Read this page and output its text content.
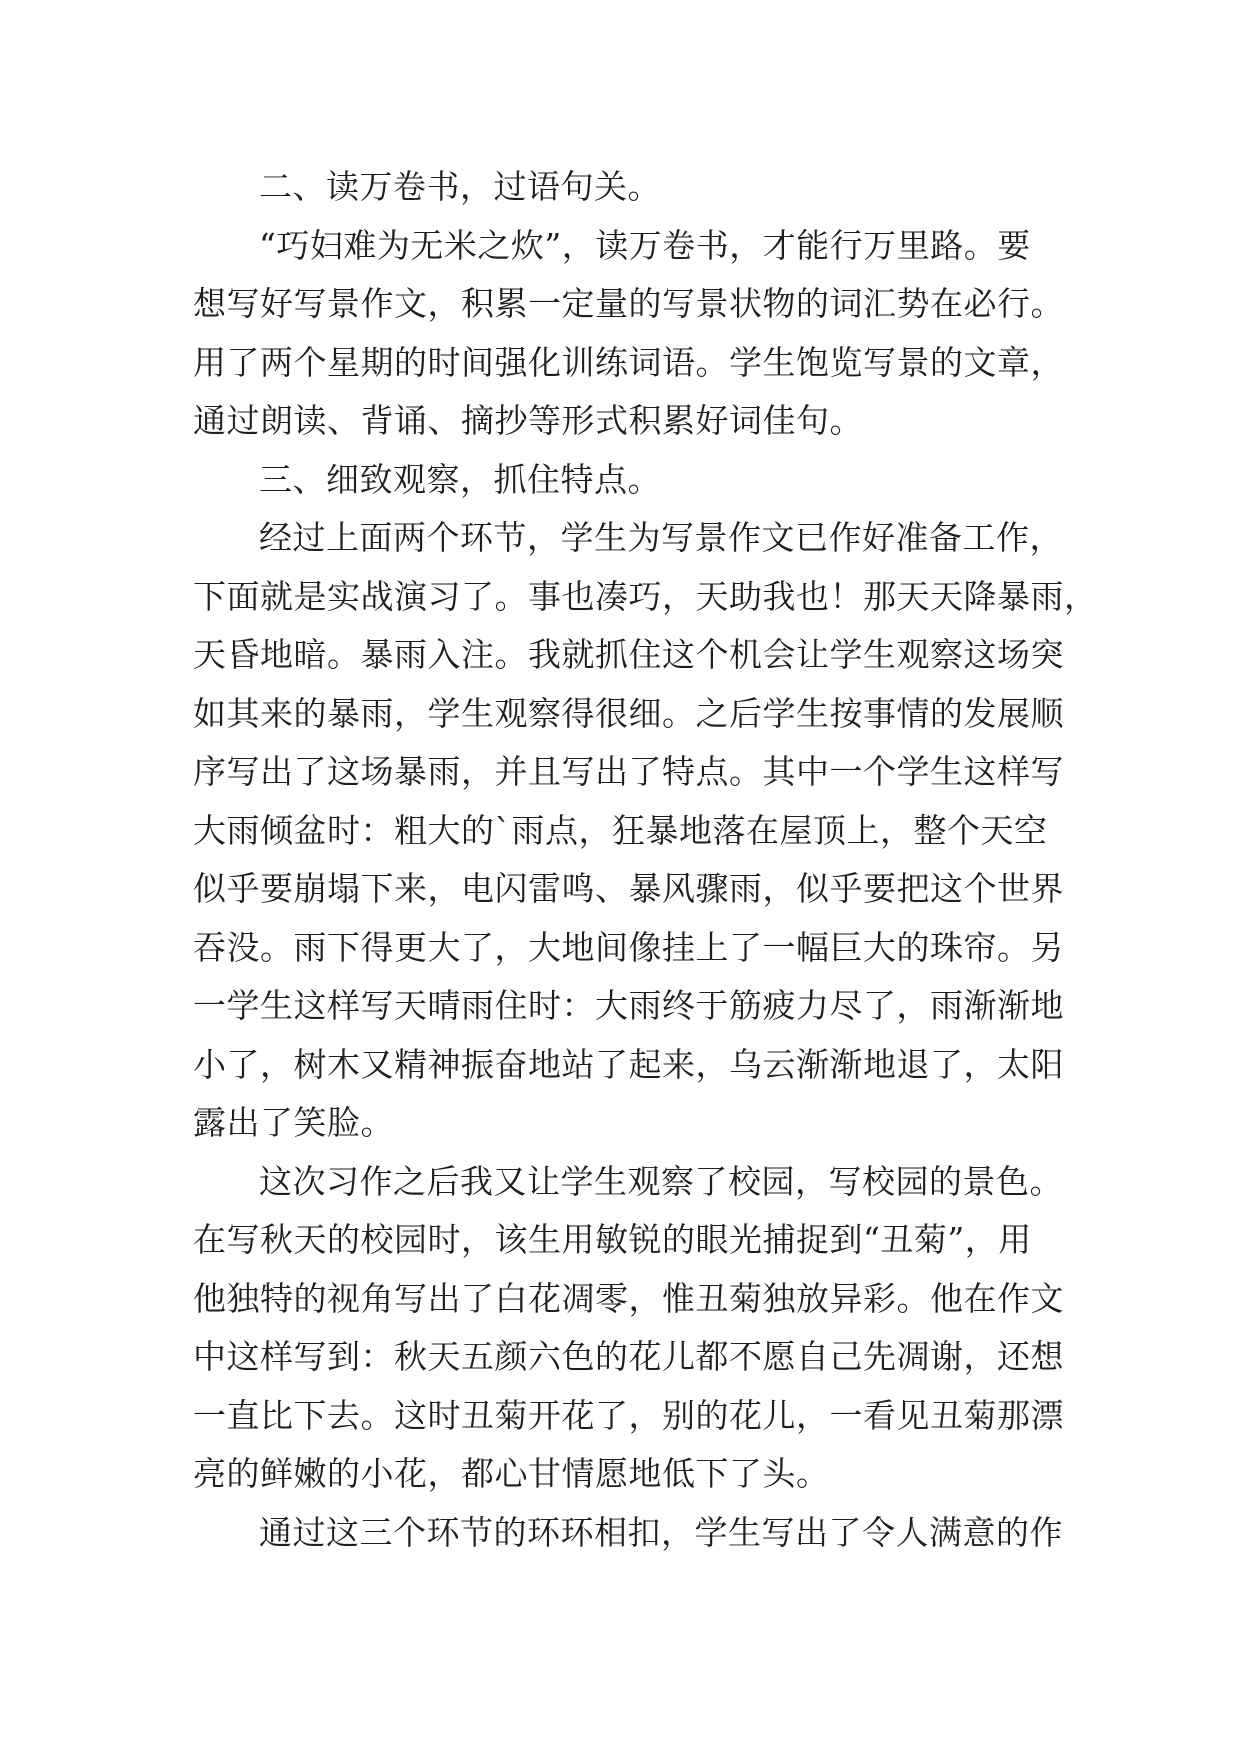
二、读万卷书，过语句关。
“巧妇难为无米之炊”，读万卷书，才能行万里路。要
想写好写景作文，积累一定量的写景状物的词汇势在必行。
用了两个星期的时间强化训练词语。学生饱览写景的文章，
通过朗读、背诵、摘抄等形式积累好词佳句。
三、细致观察，抓住特点。
经过上面两个环节，学生为写景作文已作好准备工作，
下面就是实战演习了。事也凑巧，天助我也！那天天降暴雨，
天昏地暗。暴雨入注。我就抓住这个机会让学生观察这场突
如其来的暴雨，学生观察得很细。之后学生按事情的发展顺
序写出了这场暴雨，并且写出了特点。其中一个学生这样写
大雨倾盆时：粗大的`雨点，狂暴地落在屋顶上，整个天空
似乎要崩塌下来，电闪雷鸣、暴风骤雨，似乎要把这个世界
吞没。雨下得更大了，大地间像挂上了一幅巨大的珠帘。另
一学生这样写天晴雨住时：大雨终于筋疲力尽了，雨渐渐地
小了，树木又精神振奋地站了起来，乌云渐渐地退了，太阳
露出了笑脸。
这次习作之后我又让学生观察了校园，写校园的景色。
在写秋天的校园时，该生用敏锐的眼光捕捉到“丑菊”，用
他独特的视角写出了白花凋零，惟丑菊独放异彩。他在作文
中这样写到：秋天五颜六色的花儿都不愿自己先凋谢，还想
一直比下去。这时丑菊开花了，别的花儿，一看见丑菊那漂
亮的鲜嫩的小花，都心甘情愿地低下了头。
通过这三个环节的环环相扣，学生写出了令人满意的作
